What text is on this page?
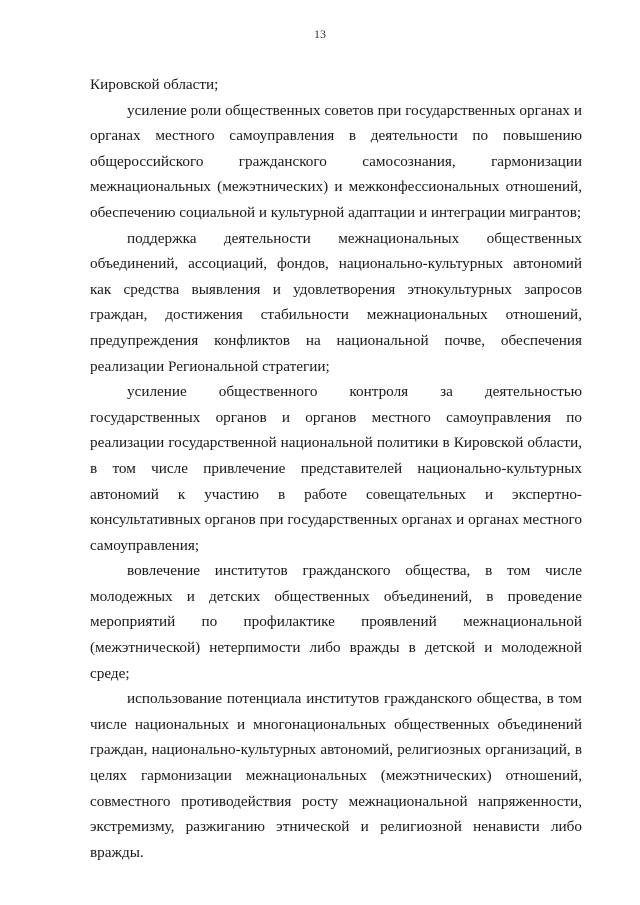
13

Кировской области;

усиление роли общественных советов при государственных органах и органах местного самоуправления в деятельности по повышению общероссийского гражданского самосознания, гармонизации межнациональных (межэтнических) и межконфессиональных отношений, обеспечению социальной и культурной адаптации и интеграции мигрантов;

поддержка деятельности межнациональных общественных объединений, ассоциаций, фондов, национально-культурных автономий как средства выявления и удовлетворения этнокультурных запросов граждан, достижения стабильности межнациональных отношений, предупреждения конфликтов на национальной почве, обеспечения реализации Региональной стратегии;

усиление общественного контроля за деятельностью государственных органов и органов местного самоуправления по реализации государственной национальной политики в Кировской области, в том числе привлечение представителей национально-культурных автономий к участию в работе совещательных и экспертно-консультативных органов при государственных органах и органах местного самоуправления;

вовлечение институтов гражданского общества, в том числе молодежных и детских общественных объединений, в проведение мероприятий по профилактике проявлений межнациональной (межэтнической) нетерпимости либо вражды в детской и молодежной среде;

использование потенциала институтов гражданского общества, в том числе национальных и многонациональных общественных объединений граждан, национально-культурных автономий, религиозных организаций, в целях гармонизации межнациональных (межэтнических) отношений, совместного противодействия росту межнациональной напряженности, экстремизму, разжиганию этнической и религиозной ненависти либо вражды.
